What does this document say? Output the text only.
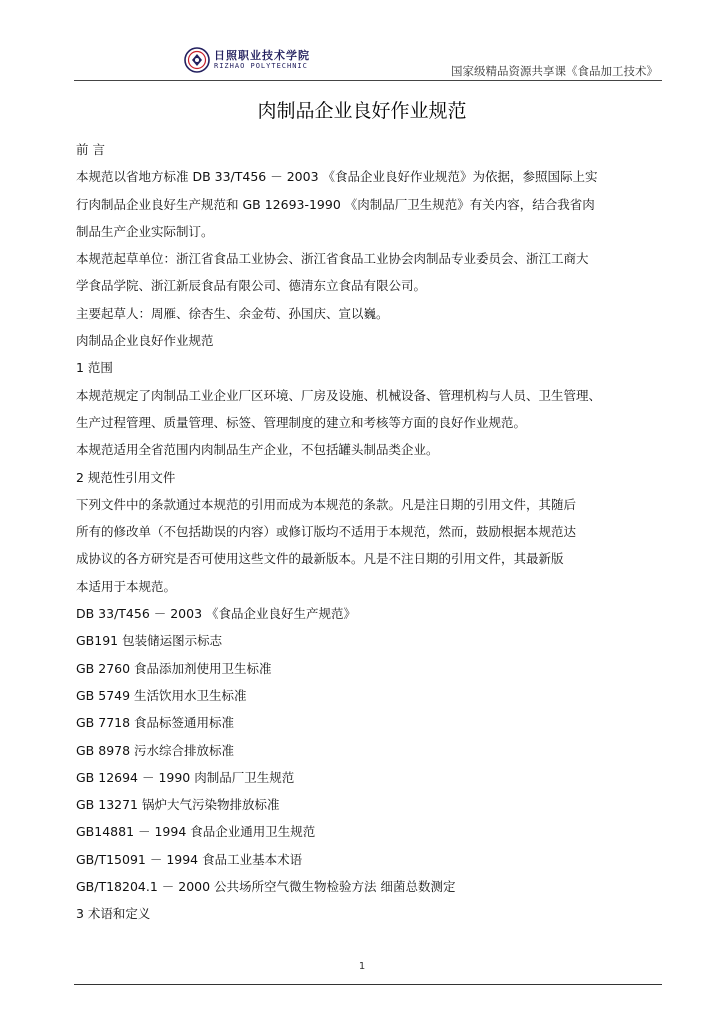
日照职业技术学院
RIZHAO POLYTECHNIC	国家级精品资源共享课《食品加工技术》
肉制品企业良好作业规范
前 言
本规范以省地方标准 DB 33/T456 － 2003 《食品企业良好作业规范》为依据，参照国际上实
行肉制品企业良好生产规范和 GB 12693-1990 《肉制品厂卫生规范》有关内容，结合我省肉
制品生产企业实际制订。
本规范起草单位：浙江省食品工业协会、浙江省食品工业协会肉制品专业委员会、浙江工商大
学食品学院、浙江新辰食品有限公司、德清东立食品有限公司。
主要起草人：周雁、徐杏生、余金苟、孙国庆、宣以巍。
肉制品企业良好作业规范
1 范围
本规范规定了肉制品工业企业厂区环境、厂房及设施、机械设备、管理机构与人员、卫生管理、
生产过程管理、质量管理、标签、管理制度的建立和考核等方面的良好作业规范。
本规范适用全省范围内肉制品生产企业，不包括罐头制品类企业。
2 规范性引用文件
下列文件中的条款通过本规范的引用而成为本规范的条款。凡是注日期的引用文件，其随后
所有的修改单（不包括勘误的内容）或修订版均不适用于本规范，然而，鼓励根据本规范达
成协议的各方研究是否可使用这些文件的最新版本。凡是不注日期的引用文件，其最新版
本适用于本规范。
DB 33/T456 － 2003 《食品企业良好生产规范》
GB191 包装储运图示标志
GB 2760 食品添加剂使用卫生标准
GB 5749 生活饮用水卫生标准
GB 7718 食品标签通用标准
GB 8978 污水综合排放标准
GB 12694 － 1990 肉制品厂卫生规范
GB 13271 锅炉大气污染物排放标准
GB14881 － 1994 食品企业通用卫生规范
GB/T15091 － 1994 食品工业基本术语
GB/T18204.1 － 2000 公共场所空气微生物检验方法 细菌总数测定
3 术语和定义
1
